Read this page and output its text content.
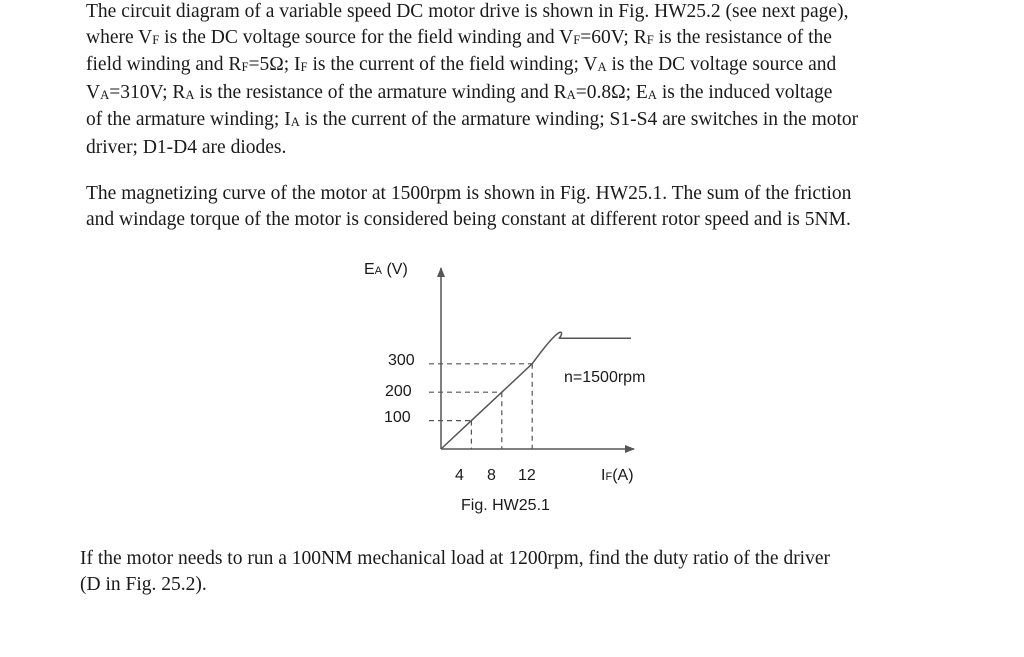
The circuit diagram of a variable speed DC motor drive is shown in Fig. HW25.2 (see next page),
where $V_F$ is the DC voltage source for the field winding and $V_F=60V$; $R_F$ is the resistance of the
field winding and $R_F=5\Omega$; $I_F$ is the current of the field winding; $V_A$ is the DC voltage source and
$V_A=310V$; $R_A$ is the resistance of the armature winding and $R_A=0.8\Omega$; $E_A$ is the induced voltage
of the armature winding; $I_A$ is the current of the armature winding; S1-S4 are switches in the motor
driver; D1-D4 are diodes.

The magnetizing curve of the motor at 1500rpm is shown in Fig. HW25.1. The sum of the friction
and windage torque of the motor is considered being constant at different rotor speed and is 5NM.

EA (V)
300
200
100
4 8 12	IF(A)
n=1500rpm
Fig. HW25.1

If the motor needs to run a 100NM mechanical load at 1200rpm, find the duty ratio of the driver
(D in Fig. 25.2).
